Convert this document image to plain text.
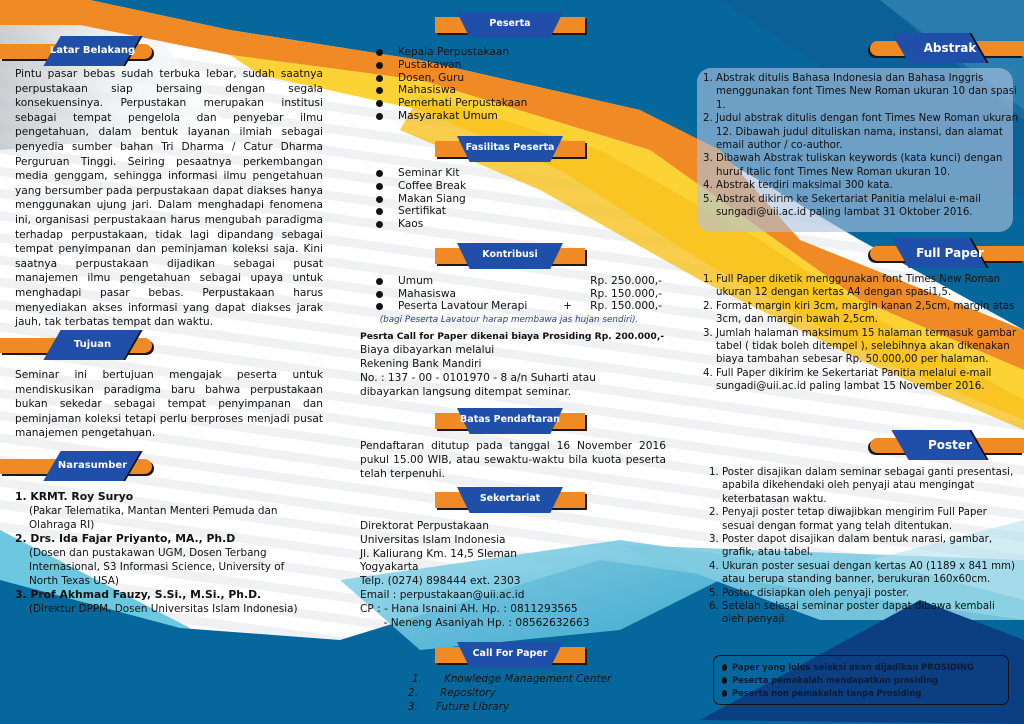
Latar Belakang
Pintu pasar bebas sudah terbuka lebar, sudah saatnya perpustakaan siap bersaing dengan segala konsekuensinya. Perpustakan merupakan institusi sebagai tempat pengelola dan penyebar ilmu pengetahuan, dalam bentuk layanan ilmiah sebagai penyedia sumber bahan Tri Dharma / Catur Dharma Perguruan Tinggi. Seiring pesaatnya perkembangan media genggam, sehingga informasi ilmu pengetahuan yang bersumber pada perpustakaan dapat diakses hanya menggunakan ujung jari. Dalam menghadapi fenomena ini, organisasi perpustakaan harus mengubah paradigma terhadap perpustakaan, tidak lagi dipandang sebagai tempat penyimpanan dan peminjaman koleksi saja. Kini saatnya perpustakaan dijadikan sebagai pusat manajemen ilmu pengetahuan sebagai upaya untuk menghadapi pasar bebas. Perpustakaan harus menyediakan akses informasi yang dapat diakses jarak jauh, tak terbatas tempat dan waktu.
Tujuan
Seminar ini bertujuan mengajak peserta untuk mendiskusikan paradigma baru bahwa perpustakaan bukan sekedar sebagai tempat penyimpanan dan peminjaman koleksi tetapi perlu berproses menjadi pusat manajemen pengetahuan.
Narasumber
1. KRMT. Roy Suryo
(Pakar Telematika, Mantan Menteri Pemuda dan
Olahraga RI)
2. Drs. Ida Fajar Priyanto, MA., Ph.D
(Dosen dan pustakawan UGM, Dosen Terbang
Internasional, S3 Informasi Science, University of
North Texas USA)
3. Prof Akhmad Fauzy, S.Si., M.Si., Ph.D.
(Direktur DPPM, Dosen Universitas Islam Indonesia)
Peserta
Kepala Perpustakaan
Pustakawan
Dosen, Guru
Mahasiswa
Pemerhati Perpustakaan
Masyarakat Umum
Fasilitas Peserta
Seminar Kit
Coffee Break
Makan Siang
Sertifikat
Kaos
Kontribusi
Umum	Rp. 250.000,-
Mahasiswa	Rp. 150.000,-
Peserta Lavatour Merapi	+	Rp. 150.000,-
(bagi Peserta Lavatour harap membawa jas hujan sendiri).
Pesrta Call for Paper dikenai biaya Prosiding Rp. 200.000,-
Biaya dibayarkan melalui
Rekening Bank Mandiri
No. : 137 - 00 - 0101970 - 8 a/n Suharti atau
dibayarkan langsung ditempat seminar.
Batas Pendaftaran
Pendaftaran ditutup pada tanggal 16 November 2016 pukul 15.00 WIB, atau sewaktu-waktu bila kuota peserta telah terpenuhi.
Sekertariat
Direktorat Perpustakaan
Universitas Islam Indonesia
Jl. Kaliurang Km. 14,5 Sleman
Yogyakarta
Telp. (0274) 898444 ext. 2303
Email : perpustakaan@uii.ac.id
CP : - Hana Isnaini AH. Hp. : 0811293565
- Neneng Asaniyah Hp. : 08562632663
Call For Paper
1.	Knowledge Management Center
2.	Repository
3.	Future Library
Abstrak
1. Abstrak ditulis Bahasa Indonesia dan Bahasa Inggris menggunakan font Times New Roman ukuran 10 dan spasi 1.
2. Judul abstrak ditulis dengan font Times New Roman ukuran 12. Dibawah judul dituliskan nama, instansi, dan alamat email author / co-author.
3. Dibawah Abstrak tuliskan keywords (kata kunci) dengan huruf Italic font Times New Roman ukuran 10.
4. Abstrak terdiri maksimal 300 kata.
5. Abstrak dikirim ke Sekertariat Panitia melalui e-mail sungadi@uii.ac.id paling lambat 31 Oktober 2016.
Full Paper
1. Full Paper diketik menggunakan font Times New Roman ukuran 12 dengan kertas A4 dengan spasi1,5.
2. Format margin kiri 3cm, margin kanan 2,5cm, margin atas 3cm, dan margin bawah 2,5cm.
3. Jumlah halaman maksimum 15 halaman termasuk gambar tabel ( tidak boleh ditempel ), selebihnya akan dikenakan biaya tambahan sebesar Rp. 50.000,00 per halaman.
4. Full Paper dikirim ke Sekertariat Panitia melalui e-mail sungadi@uii.ac.id paling lambat 15 November 2016.
Poster
1. Poster disajikan dalam seminar sebagai ganti presentasi, apabila dikehendaki oleh penyaji atau mengingat keterbatasan waktu.
2. Penyaji poster tetap diwajibkan mengirim Full Paper sesuai dengan format yang telah ditentukan.
3. Poster dapot disajikan dalam bentuk narasi, gambar, grafik, atau tabel.
4. Ukuran poster sesuai dengan kertas A0 (1189 x 841 mm) atau berupa standing banner, berukuran 160x60cm.
5. Poster disiapkan oleh penyaji poster.
6. Setelah selesai seminar poster dapat dibawa kembali oleh penyaji.
Paper yang lolos seleksi akan dijadikan PROSIDING
Peserta pemakalah mendapatkan prosiding
Peserta non pemakalah tanpa Prosiding
